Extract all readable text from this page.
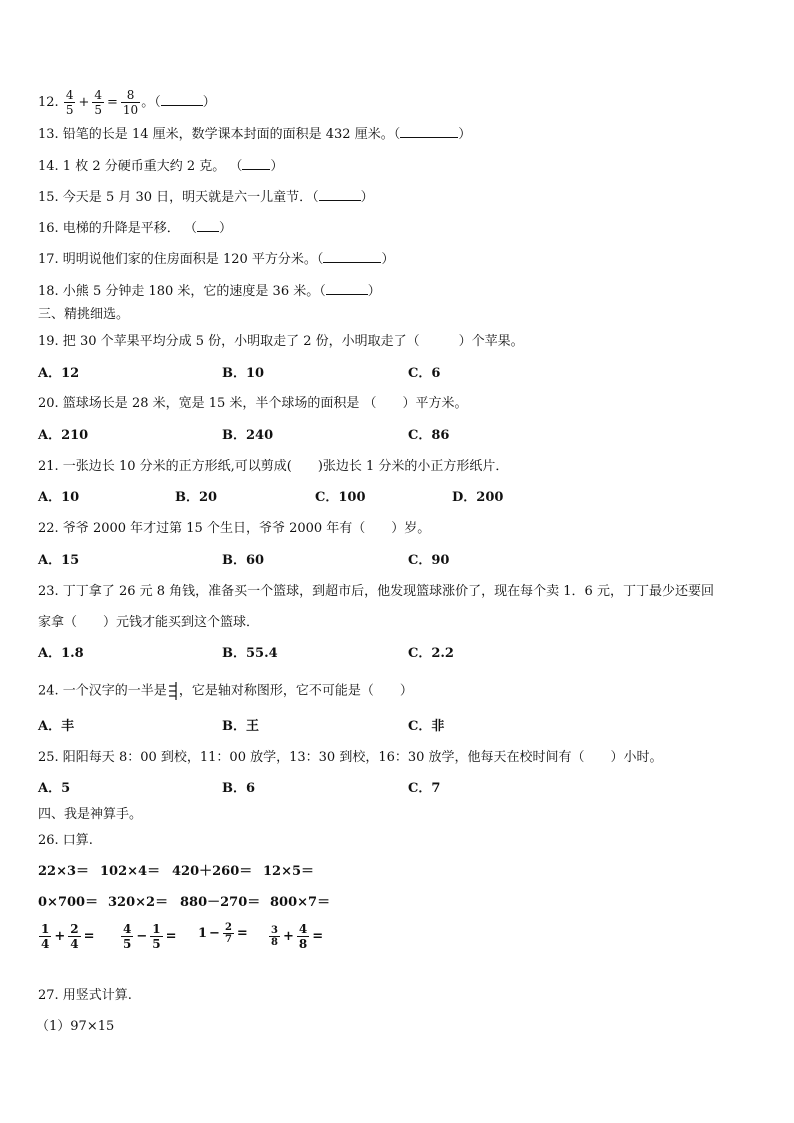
12. $\frac{4}{5} + \frac{4}{5} = \frac{8}{10}$ 。（	）
13. 铅笔的长是 14 厘米，数学课本封面的面积是 432 厘米。（	）
14. 1 枚 2 分硬币重大约 2 克。 （ ）
15. 今天是 5 月 30 日，明天就是六一儿童节．（	）
16. 电梯的升降是平移． （ ）
17. 明明说他们家的住房面积是 120 平方分米。（	）
18. 小熊 5 分钟走 180 米，它的速度是 36 米。（	）
三、精挑细选。
19. 把 30 个苹果平均分成 5 份，小明取走了 2 份，小明取走了（　　　）个苹果。
A．12	B．10	C．6
20. 篮球场长是 28 米，宽是 15 米，半个球场的面积是 （　　）平方米。
A．210	B．240	C．86
21. 一张边长 10 分米的正方形纸,可以剪成(　　)张边长 1 分米的小正方形纸片．
A．10	B．20	C．100	D．200
22. 爷爷 2000 年才过第 15 个生日，爷爷 2000 年有（　　）岁。
A．15	B．60	C．90
23. 丁丁拿了 26 元 8 角钱，准备买一个篮球，到超市后，他发现篮球涨价了，现在每个卖 1．6 元，丁丁最少还要回
家拿（　　）元钱才能买到这个篮球．
A．1.8	B．55.4	C．2.2
24. 一个汉字的一半是 ，它是轴对称图形，它不可能是（　　）
A．丰	B．王	C．非
25. 阳阳每天 8：00 到校，11：00 放学，13：30 到校，16：30 放学，他每天在校时间有（　　）小时。
A．5	B．6	C．7
四、我是神算手。
26. 口算.
22×3＝ 102×4＝ 420＋260＝ 12×5＝
0×700＝ 320×2＝ 880－270＝ 800×7＝
$\frac{1}{4} + \frac{2}{4} = \frac{4}{5} - \frac{1}{5} = 1 - \frac{2}{7} = \frac{3}{8} + \frac{4}{8}$ =
27. 用竖式计算.
（1）97×15
